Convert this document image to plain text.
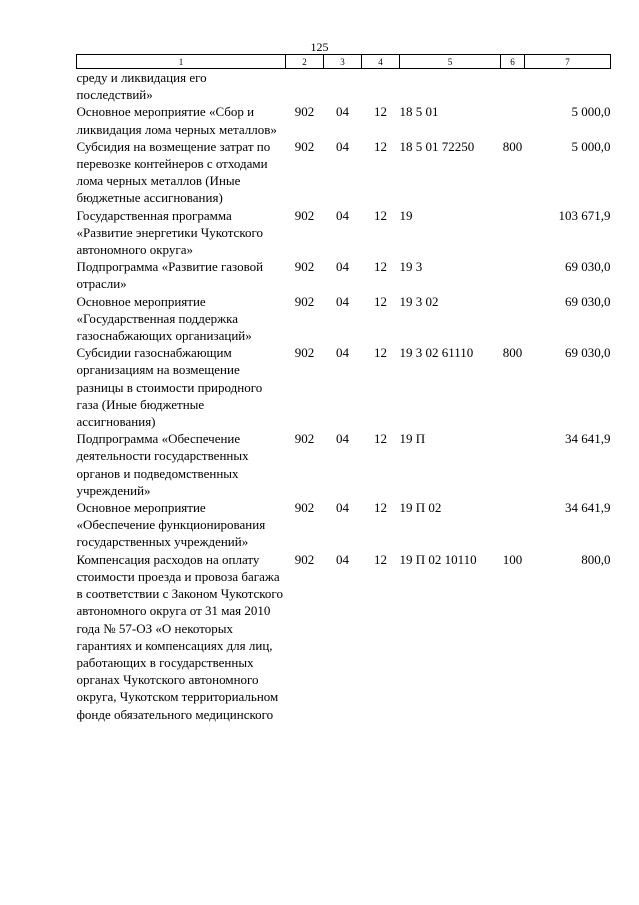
125
1	2	3	4	5	6	7
среду и ликвидация его последствий»						
Основное мероприятие «Сбор и ликвидация лома черных металлов»	902	04	12	18 5 01		5 000,0
Субсидия на возмещение затрат по перевозке контейнеров с отходами лома черных металлов (Иные бюджетные ассигнования)	902	04	12	18 5 01 72250	800	5 000,0
Государственная программа «Развитие энергетики Чукотского автономного округа»	902	04	12	19		103 671,9
Подпрограмма «Развитие газовой отрасли»	902	04	12	19 3		69 030,0
Основное мероприятие «Государственная поддержка газоснабжающих организаций»	902	04	12	19 3 02		69 030,0
Субсидии газоснабжающим организациям на возмещение разницы в стоимости природного газа (Иные бюджетные ассигнования)	902	04	12	19 3 02 61110	800	69 030,0
Подпрограмма «Обеспечение деятельности государственных органов и подведомственных учреждений»	902	04	12	19 П		34 641,9
Основное мероприятие «Обеспечение функционирования государственных учреждений»	902	04	12	19 П 02		34 641,9
Компенсация расходов на оплату стоимости проезда и провоза багажа в соответствии с Законом Чукотского автономного округа от 31 мая 2010 года № 57-ОЗ «О некоторых гарантиях и компенсациях для лиц, работающих в государственных органах Чукотского автономного округа, Чукотском территориальном фонде обязательного медицинского	902	04	12	19 П 02 10110	100	800,0
